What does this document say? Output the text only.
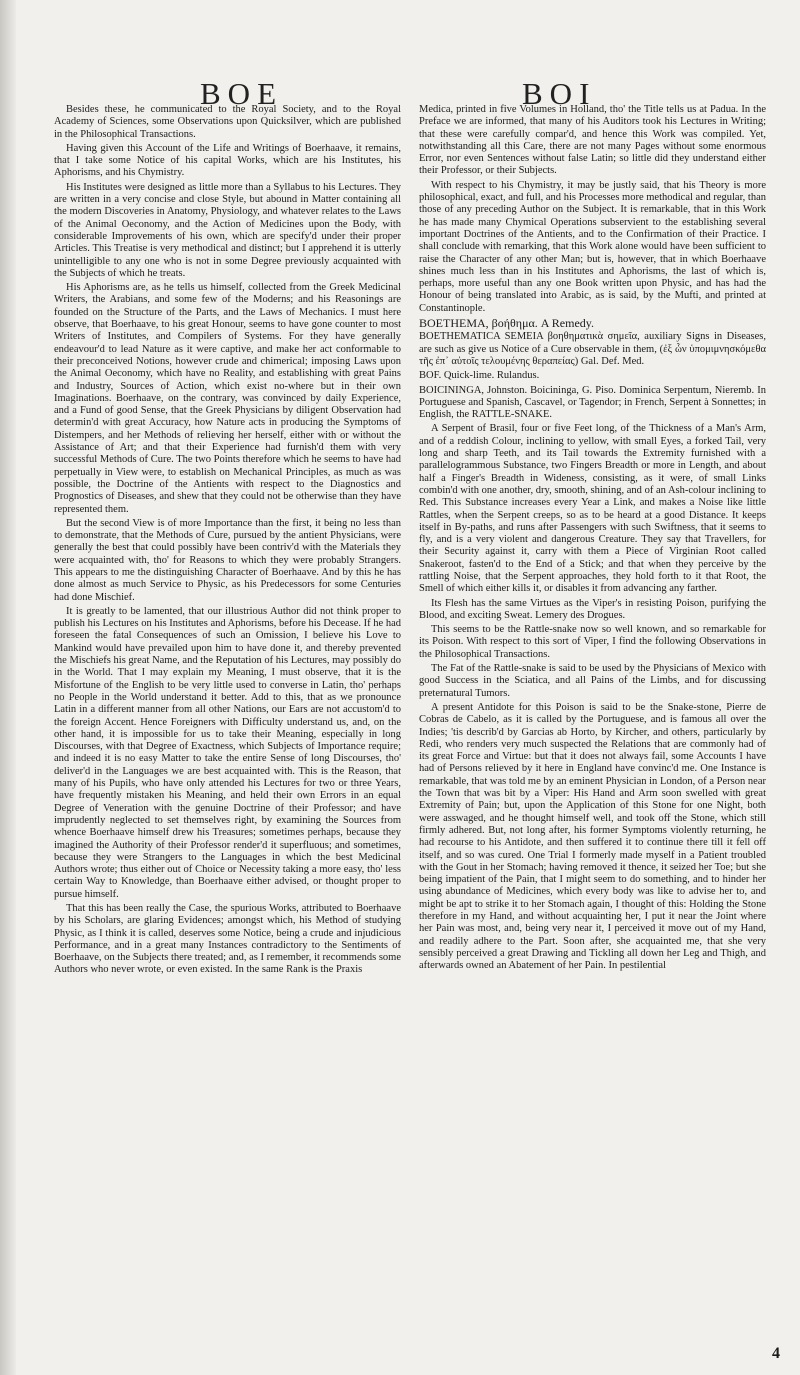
BOE	BOI

Besides these, he communicated to the Royal Society, and to the Royal Academy of Sciences, some Observations upon Quicksilver, which are published in the Philosophical Transactions.

Having given this Account of the Life and Writings of Boerhaave, it remains, that I take some Notice of his capital Works, which are his Institutes, his Aphorisms, and his Chymistry.

His Institutes were designed as little more than a Syllabus to his Lectures. They are written in a very concise and close Style, but abound in Matter containing all the modern Discoveries in Anatomy, Physiology, and whatever relates to the Laws of the Animal Oeconomy, and the Action of Medicines upon the Body, with considerable Improvements of his own, which are specify'd under their proper Articles. This Treatise is very methodical and distinct; but I apprehend it is utterly unintelligible to any one who is not in some Degree previously acquainted with the Subjects of which he treats.

His Aphorisms are, as he tells us himself, collected from the Greek Medicinal Writers, the Arabians, and some few of the Moderns; and his Reasonings are founded on the Structure of the Parts, and the Laws of Mechanics. I must here observe, that Boerhaave, to his great Honour, seems to have gone counter to most Writers of Institutes, and Compilers of Systems. For they have generally endeavour'd to lead Nature as it were captive, and make her act conformable to their preconceived Notions, however crude and chimerical; imposing Laws upon the Animal Oeconomy, which have no Reality, and establishing with great Pains and Industry, Sources of Action, which exist no-where but in their own Imaginations. Boerhaave, on the contrary, was convinced by daily Experience, and a Fund of good Sense, that the Greek Physicians by diligent Observation had determin'd with great Accuracy, how Nature acts in producing the Symptoms of Distempers, and her Methods of relieving her herself, either with or without the Assistance of Art; and that their Experience had furnish'd them with very successful Methods of Cure. The two Points therefore which he seems to have had perpetually in View were, to establish on Mechanical Principles, as much as was possible, the Doctrine of the Antients with respect to the Diagnostics and Prognostics of Diseases, and shew that they could not be otherwise than they have represented them.

But the second View is of more Importance than the first, it being no less than to demonstrate, that the Methods of Cure, pursued by the antient Physicians, were generally the best that could possibly have been contriv'd with the Materials they were acquainted with, tho' for Reasons to which they were probably Strangers. This appears to me the distinguishing Character of Boerhaave. And by this he has done almost as much Service to Physic, as his Predecessors for some Centuries had done Mischief.

It is greatly to be lamented, that our illustrious Author did not think proper to publish his Lectures on his Institutes and Aphorisms, before his Decease. If he had foreseen the fatal Consequences of such an Omission, I believe his Love to Mankind would have prevailed upon him to have done it, and thereby prevented the Mischiefs his great Name, and the Reputation of his Lectures, may possibly do in the World. That I may explain my Meaning, I must observe, that it is the Misfortune of the English to be very little used to converse in Latin, tho' perhaps no People in the World understand it better. Add to this, that as we pronounce Latin in a different manner from all other Nations, our Ears are not accustom'd to the foreign Accent. Hence Foreigners with Difficulty understand us, and, on the other hand, it is impossible for us to take their Meaning, especially in long Discourses, with that Degree of Exactness, which Subjects of Importance require; and indeed it is no easy Matter to take the entire Sense of long Discourses, tho' deliver'd in the Languages we are best acquainted with. This is the Reason, that many of his Pupils, who have only attended his Lectures for two or three Years, have frequently mistaken his Meaning, and held their own Errors in an equal Degree of Veneration with the genuine Doctrine of their Professor; and have imprudently neglected to set themselves right, by examining the Sources from whence Boerhaave himself drew his Treasures; sometimes perhaps, because they imagined the Authority of their Professor render'd it superfluous; and sometimes, because they were Strangers to the Languages in which the best Medicinal Authors wrote; thus either out of Choice or Necessity taking a more easy, tho' less certain Way to Knowledge, than Boerhaave either advised, or thought proper to pursue himself.

That this has been really the Case, the spurious Works, attributed to Boerhaave by his Scholars, are glaring Evidences; amongst which, his Method of studying Physic, as I think it is called, deserves some Notice, being a crude and injudicious Performance, and in a great many Instances contradictory to the Sentiments of Boerhaave, on the Subjects there treated; and, as I remember, it recommends some Authors who never wrote, or even existed. In the same Rank is the Praxis

Medica, printed in five Volumes in Holland, tho' the Title tells us at Padua. In the Preface we are informed, that many of his Auditors took his Lectures in Writing; that these were carefully compar'd, and hence this Work was compiled. Yet, notwithstanding all this Care, there are not many Pages without some enormous Error, nor even Sentences without false Latin; so little did they understand either their Professor, or their Subjects.

With respect to his Chymistry, it may be justly said, that his Theory is more philosophical, exact, and full, and his Processes more methodical and regular, than those of any preceding Author on the Subject. It is remarkable, that in this Work he has made many Chymical Operations subservient to the establishing several important Doctrines of the Antients, and to the Confirmation of their Practice. I shall conclude with remarking, that this Work alone would have been sufficient to raise the Character of any other Man; but is, however, that in which Boerhaave shines much less than in his Institutes and Aphorisms, the last of which is, perhaps, more useful than any one Book written upon Physic, and has had the Honour of being translated into Arabic, as is said, by the Mufti, and printed at Constantinople.

BOETHEMA, βοήθημα. A Remedy.

BOETHEMATICA SEMEIA βοηθηματικὰ σημεῖα, auxiliary Signs in Diseases, are such as give us Notice of a Cure observable in them, (ἐξ ὧν ὑπομιμνησκόμεθα τῆς ἐπ᾽ αὐτοῖς τελουμένης θεραπείας) Gal. Def. Med.

BOF. Quick-lime. Rulandus.

BOICININGA, Johnston. Boicininga, G. Piso. Dominica Serpentum, Nieremb. In Portuguese and Spanish, Cascavel, or Tagendor; in French, Serpent à Sonnettes; in English, the RATTLE-SNAKE.

A Serpent of Brasil, four or five Feet long, of the Thickness of a Man's Arm, and of a reddish Colour, inclining to yellow, with small Eyes, a forked Tail, very long and sharp Teeth, and its Tail towards the Extremity furnished with a parallelogrammous Substance, two Fingers Breadth or more in Length, and about half a Finger's Breadth in Wideness, consisting, as it were, of small Links combin'd with one another, dry, smooth, shining, and of an Ash-colour inclining to Red. This Substance increases every Year a Link, and makes a Noise like little Rattles, when the Serpent creeps, so as to be heard at a good Distance. It keeps itself in By-paths, and runs after Passengers with such Swiftness, that it seems to fly, and is a very violent and dangerous Creature. They say that Travellers, for their Security against it, carry with them a Piece of Virginian Root called Snakeroot, fasten'd to the End of a Stick; and that when they perceive by the rattling Noise, that the Serpent approaches, they hold forth to it that Root, the Smell of which either kills it, or disables it from advancing any farther.

Its Flesh has the same Virtues as the Viper's in resisting Poison, purifying the Blood, and exciting Sweat. Lemery des Drogues.

This seems to be the Rattle-snake now so well known, and so remarkable for its Poison. With respect to this sort of Viper, I find the following Observations in the Philosophical Transactions.

The Fat of the Rattle-snake is said to be used by the Physicians of Mexico with good Success in the Sciatica, and all Pains of the Limbs, and for discussing preternatural Tumors.

A present Antidote for this Poison is said to be the Snake-stone, Pierre de Cobras de Cabelo, as it is called by the Portuguese, and is famous all over the Indies; 'tis describ'd by Garcias ab Horto, by Kircher, and others, particularly by Redi, who renders very much suspected the Relations that are commonly had of its great Force and Virtue: but that it does not always fail, some Accounts I have had of Persons relieved by it here in England have convinc'd me. One Instance is remarkable, that was told me by an eminent Physician in London, of a Person near the Town that was bit by a Viper: His Hand and Arm soon swelled with great Extremity of Pain; but, upon the Application of this Stone for one Night, both were asswaged, and he thought himself well, and took off the Stone, which still firmly adhered. But, not long after, his former Symptoms violently returning, he had recourse to his Antidote, and then suffered it to continue there till it fell off itself, and so was cured. One Trial I formerly made myself in a Patient troubled with the Gout in her Stomach; having removed it thence, it seized her Toe; but she being impatient of the Pain, that I might seem to do something, and to hinder her using abundance of Medicines, which every body was like to advise her to, and might be apt to strike it to her Stomach again, I thought of this: Holding the Stone therefore in my Hand, and without acquainting her, I put it near the Joint where her Pain was most, and, being very near it, I perceived it move out of my Hand, and readily adhere to the Part. Soon after, she acquainted me, that she very sensibly perceived a great Drawing and Tickling all down her Leg and Thigh, and afterwards owned an Abatement of her Pain. In pestilential

4
